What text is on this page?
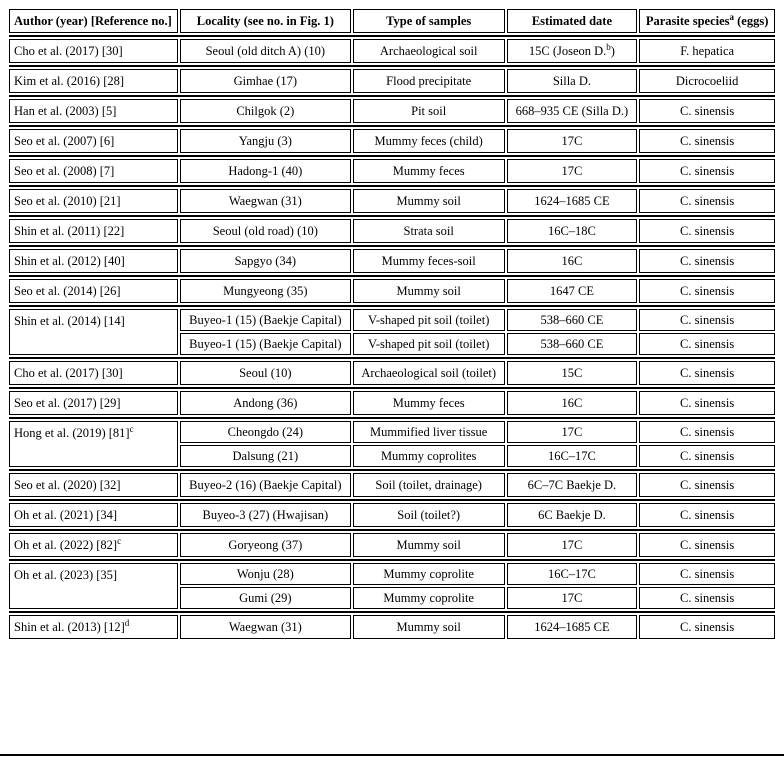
Author (year) [Reference no.]	Locality (see no. in Fig. 1)	Type of samples	Estimated date	Parasite species$^a$ (eggs)

Cho et al. (2017) [30]	Seoul (old ditch A) (10)	Archaeological soil	15C (Joseon D.$^b$)	F. hepatica

Kim et al. (2016) [28]	Gimhae (17)	Flood precipitate	Silla D.	Dicrocoeliid

Han et al. (2003) [5]	Chilgok (2)	Pit soil	668–935 CE (Silla D.)	C. sinensis

Seo et al. (2007) [6]	Yangju (3)	Mummy feces (child)	17C	C. sinensis

Seo et al. (2008) [7]	Hadong-1 (40)	Mummy feces	17C	C. sinensis

Seo et al. (2010) [21]	Waegwan (31)	Mummy soil	1624–1685 CE	C. sinensis

Shin et al. (2011) [22]	Seoul (old road) (10)	Strata soil	16C–18C	C. sinensis

Shin et al. (2012) [40]	Sapgyo (34)	Mummy feces-soil	16C	C. sinensis

Seo et al. (2014) [26]	Mungyeong (35)	Mummy soil	1647 CE	C. sinensis

Shin et al. (2014) [14]	Buyeo-1 (15) (Baekje Capital)	V-shaped pit soil (toilet)	538–660 CE	C. sinensis
	Buyeo-1 (15) (Baekje Capital)	V-shaped pit soil (toilet)	538–660 CE	C. sinensis

Cho et al. (2017) [30]	Seoul (10)	Archaeological soil (toilet)	15C	C. sinensis

Seo et al. (2017) [29]	Andong (36)	Mummy feces	16C	C. sinensis

Hong et al. (2019) $[81]^c$	Cheongdo (24)	Mummified liver tissue	17C	C. sinensis
	Dalsung (21)	Mummy coprolites	16C–17C	C. sinensis

Seo et al. (2020) [32]	Buyeo-2 (16) (Baekje Capital)	Soil (toilet, drainage)	6C–7C Baekje D.	C. sinensis

Oh et al. (2021) [34]	Buyeo-3 (27) (Hwajisan)	Soil (toilet?)	6C Baekje D.	C. sinensis

Oh et al. (2022) $[82]^c$	Goryeong (37)	Mummy soil	17C	C. sinensis

Oh et al. (2023) [35]	Wonju (28)	Mummy coprolite	16C–17C	C. sinensis
	Gumi (29)	Mummy coprolite	17C	C. sinensis

Shin et al. (2013) $[12]^d$	Waegwan (31)	Mummy soil	1624–1685 CE	C. sinensis
